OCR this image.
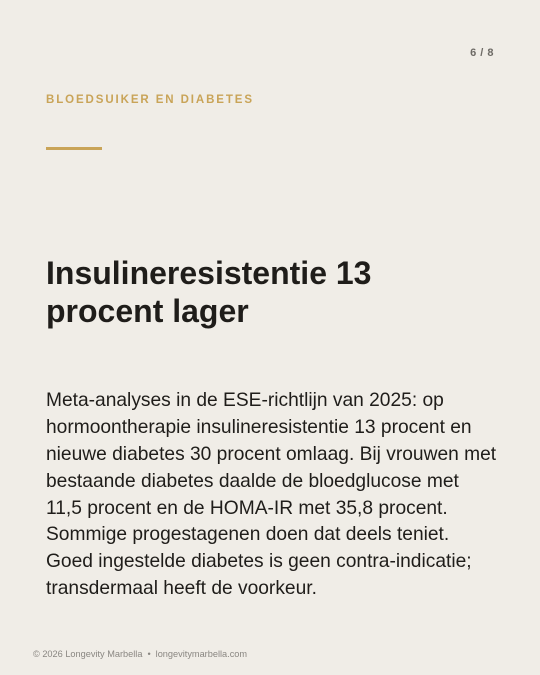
6 / 8
BLOEDSUIKER EN DIABETES
Insulineresistentie 13 procent lager

Meta-analyses in de ESE-richtlijn van 2025: op hormoontherapie insulineresistentie 13 procent en nieuwe diabetes 30 procent omlaag. Bij vrouwen met bestaande diabetes daalde de bloedglucose met 11,5 procent en de HOMA-IR met 35,8 procent. Sommige progestagenen doen dat deels teniet. Goed ingestelde diabetes is geen contra-indicatie; transdermaal heeft de voorkeur.

© 2026 Longevity Marbella • longevitymarbella.com
